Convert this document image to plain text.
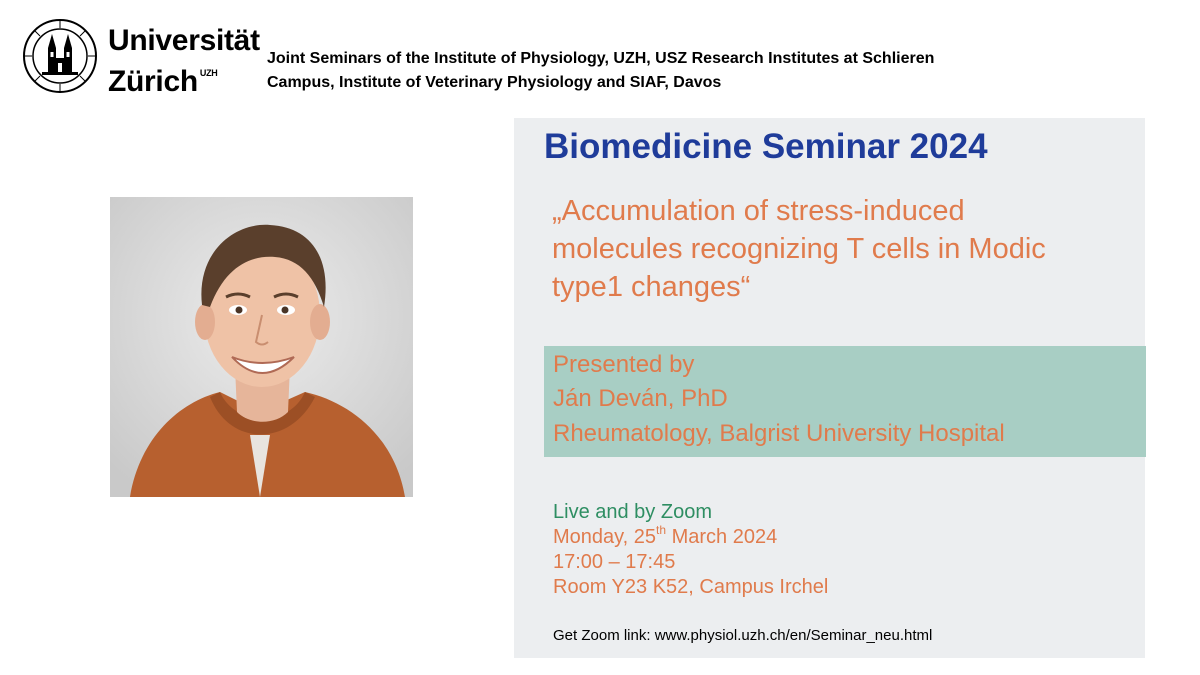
Universität
Zürich $^{UZH}$
Joint Seminars of the Institute of Physiology, UZH, USZ Research Institutes at Schlieren
Campus, Institute of Veterinary Physiology and SIAF, Davos
Biomedicine Seminar 2024
„Accumulation of stress-induced
molecules recognizing T cells in Modic
type1 changes“
Presented by
Ján Deván, PhD
Rheumatology, Balgrist University Hospital
Live and by Zoom
Monday, 25th March 2024
17:00 – 17:45
Room Y23 K52, Campus Irchel
Get Zoom link: www.physiol.uzh.ch/en/Seminar_neu.html
